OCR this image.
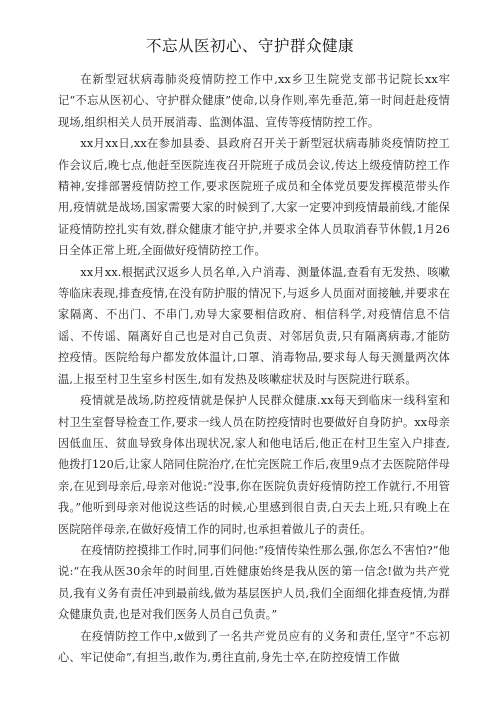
不忘从医初心、守护群众健康

在新型冠状病毒肺炎疫情防控工作中,xx乡卫生院党支部书记院长xx牢记“不忘从医初心、守护群众健康”使命,以身作则,率先垂范,第一时间赶赴疫情现场,组织相关人员开展消毒、监测体温、宣传等疫情防控工作。

xx月xx日,xx在参加县委、县政府召开关于新型冠状病毒肺炎疫情防控工作会议后,晚七点,他赶至医院连夜召开院班子成员会议,传达上级疫情防控工作精神,安排部署疫情防控工作,要求医院班子成员和全体党员要发挥模范带头作用,疫情就是战场,国家需要大家的时候到了,大家一定要冲到疫情最前线,才能保证疫情防控扎实有效,群众健康才能守护,并要求全体人员取消春节休假,1月26日全体正常上班,全面做好疫情防控工作。

xx月xx.根据武汉返乡人员名单,入户消毒、测量体温,查看有无发热、咳嗽等临床表现,排查疫情,在没有防护服的情况下,与返乡人员面对面接触,并要求在家隔离、不出门、不串门,劝导大家要相信政府、相信科学,对疫情信息不信谣、不传谣、隔离好自己也是对自己负责、对邻居负责,只有隔离病毒,才能防控疫情。医院给每户都发放体温计,口罩、消毒物品,要求每人每天测量两次体温,上报至村卫生室乡村医生,如有发热及咳嗽症状及时与医院进行联系。

疫情就是战场,防控疫情就是保护人民群众健康.xx每天到临床一线科室和村卫生室督导检查工作,要求一线人员在防控疫情时也要做好自身防护。xx母亲因低血压、贫血导致身体出现状况,家人和他电话后,他正在村卫生室入户排查,他拨打120后,让家人陪同住院治疗,在忙完医院工作后,夜里9点才去医院陪伴母亲,在见到母亲后,母亲对他说:“没事,你在医院负责好疫情防控工作就行,不用管我。”他听到母亲对他说这些话的时候,心里感到很自责,白天去上班,只有晚上在医院陪伴母亲,在做好疫情工作的同时,也承担着做儿子的责任。

在疫情防控摸排工作时,同事们问他:“疫情传染性那么强,你怎么不害怕?”他说:“在我从医30余年的时间里,百姓健康始终是我从医的第一信念!做为共产党员,我有义务有责任冲到最前线,做为基层医护人员,我们全面细化排查疫情,为群众健康负责,也是对我们医务人员自己负责。”

在疫情防控工作中,x做到了一名共产党员应有的义务和责任,坚守“不忘初心、牢记使命”,有担当,敢作为,勇往直前,身先士卒,在防控疫情工作做
